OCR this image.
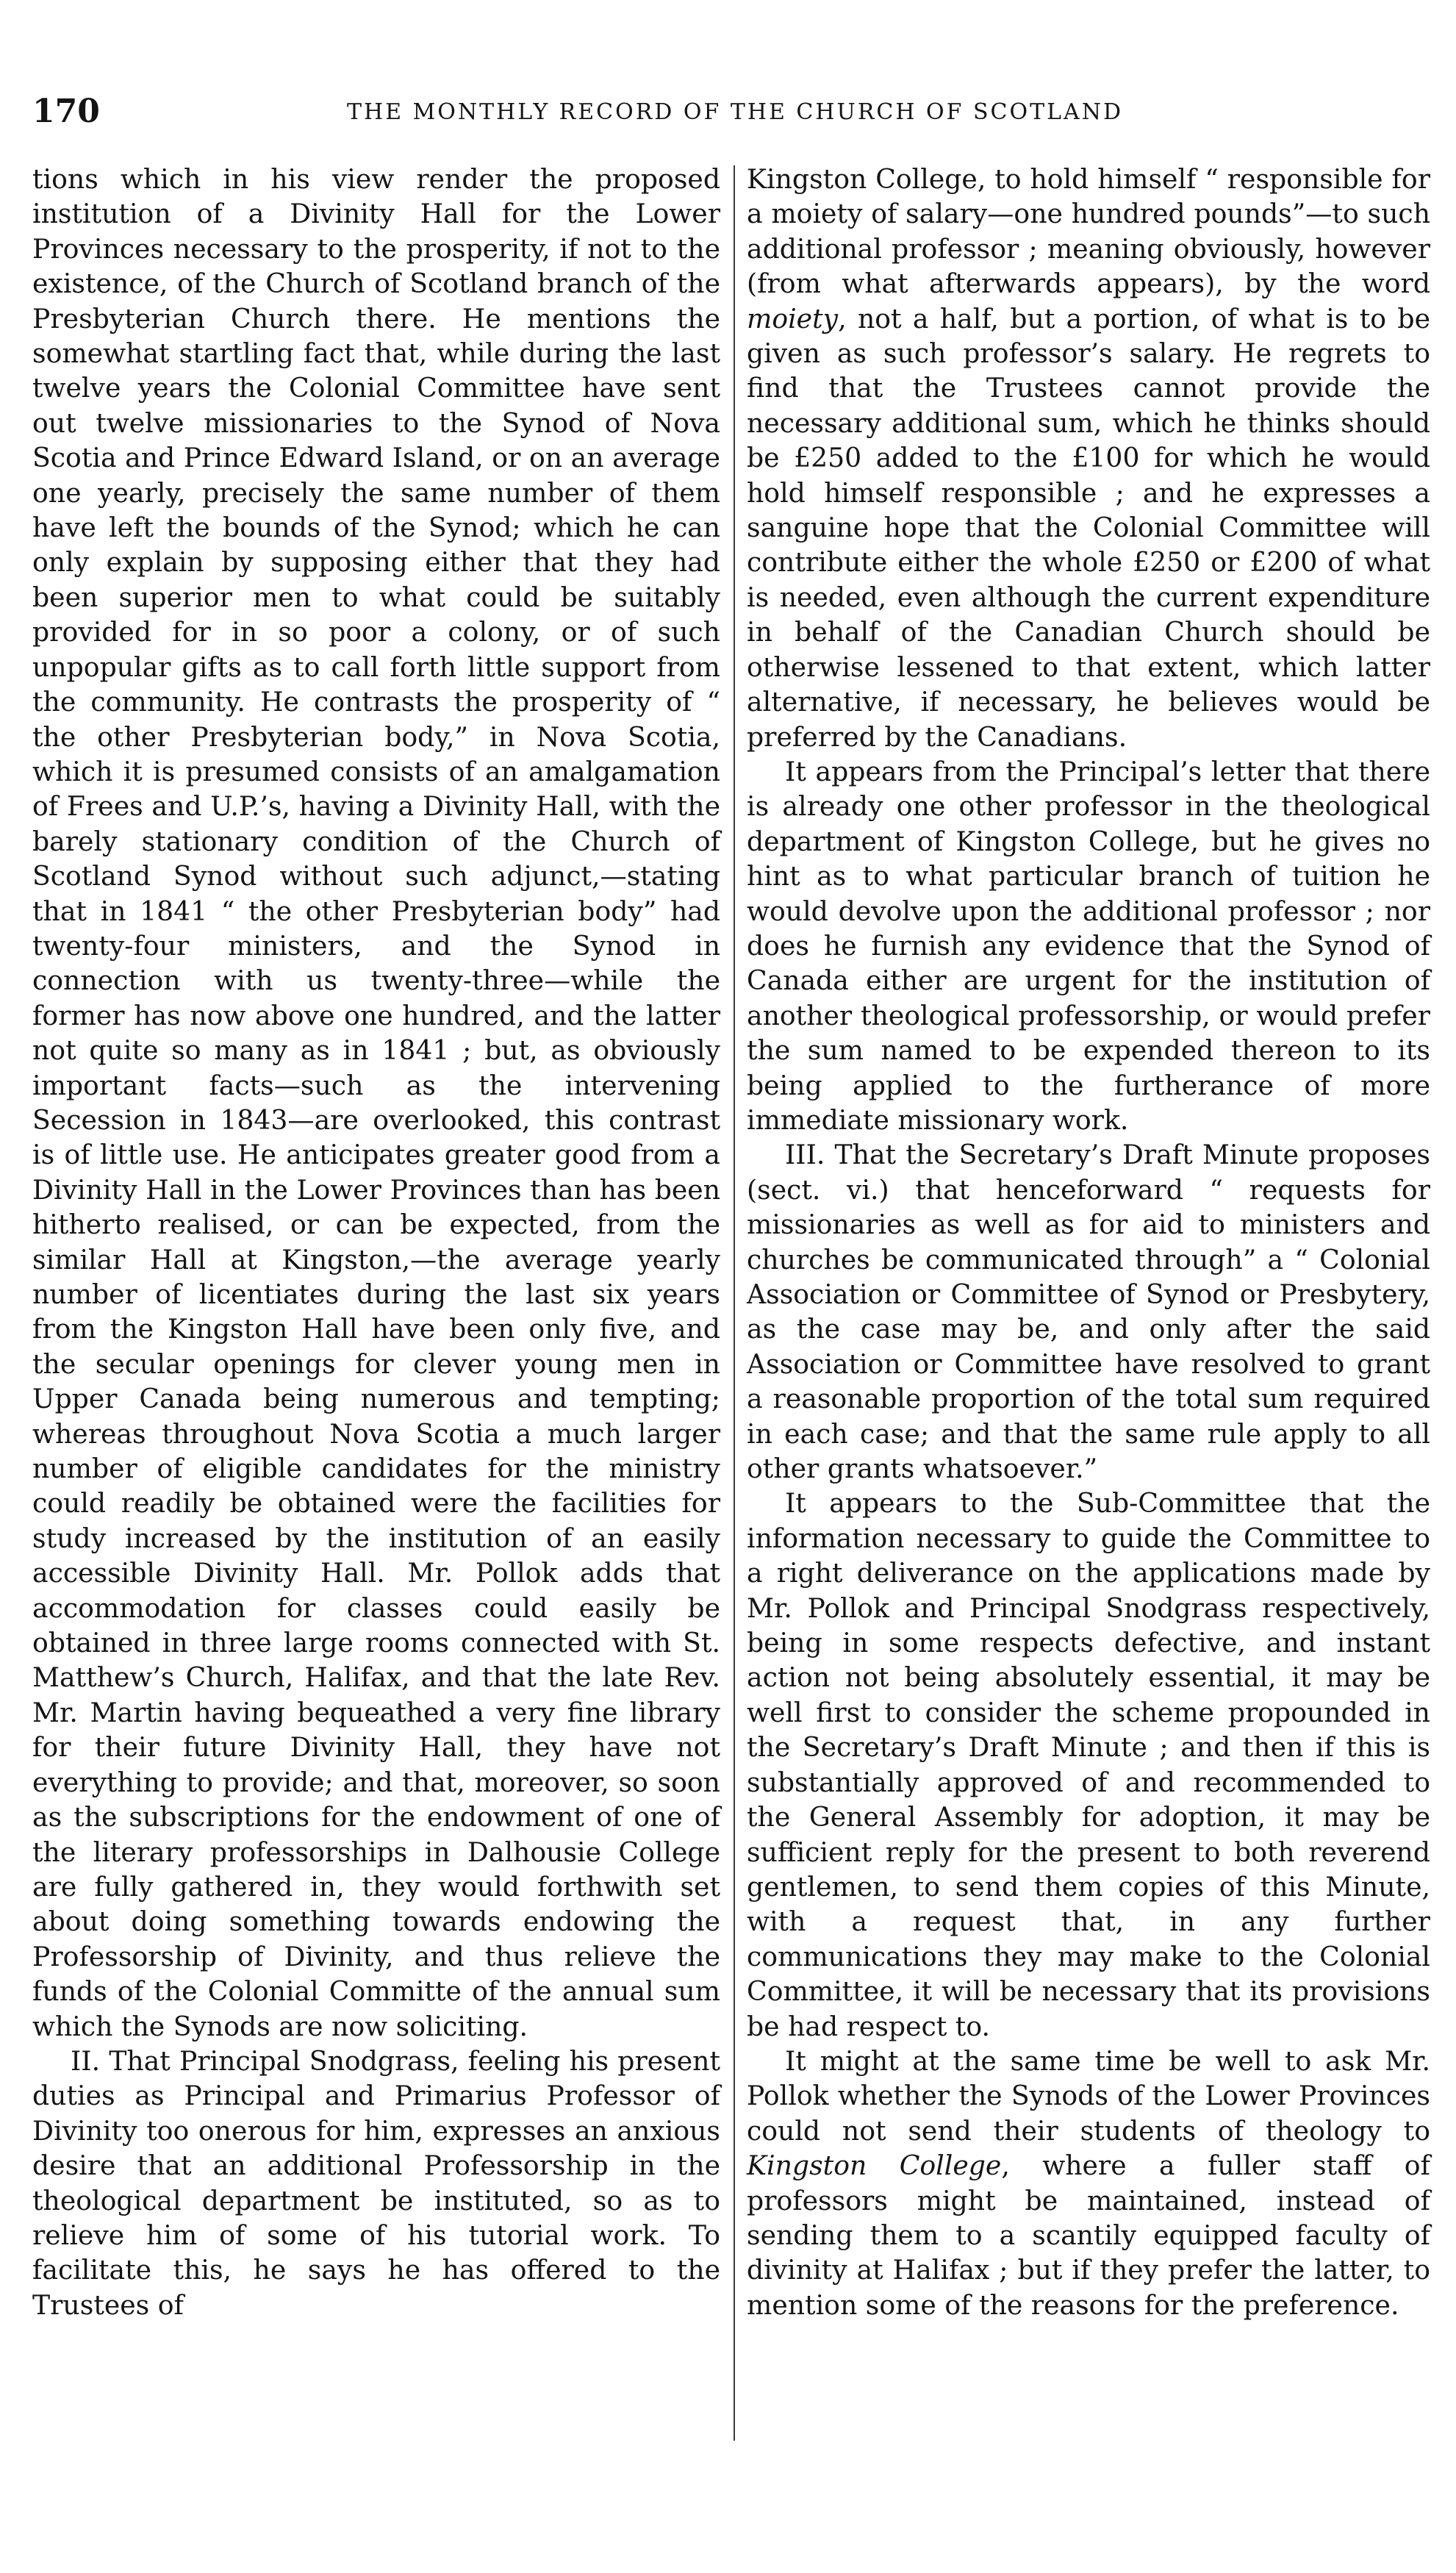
170	THE MONTHLY RECORD OF THE CHURCH OF SCOTLAND

tions which in his view render the proposed institution of a Divinity Hall for the Lower Provinces necessary to the prosperity, if not to the existence, of the Church of Scotland branch of the Presbyterian Church there. He mentions the somewhat startling fact that, while during the last twelve years the Colonial Committee have sent out twelve missionaries to the Synod of Nova Scotia and Prince Edward Island, or on an average one yearly, precisely the same number of them have left the bounds of the Synod; which he can only explain by supposing either that they had been superior men to what could be suitably provided for in so poor a colony, or of such unpopular gifts as to call forth little support from the community. He contrasts the prosperity of “ the other Presbyterian body,” in Nova Scotia, which it is presumed consists of an amalgamation of Frees and U.P.’s, having a Divinity Hall, with the barely stationary condition of the Church of Scotland Synod without such adjunct,—stating that in 1841 “ the other Presbyterian body” had twenty-four ministers, and the Synod in connection with us twenty-three—while the former has now above one hundred, and the latter not quite so many as in 1841 ; but, as obviously important facts—such as the intervening Secession in 1843—are overlooked, this contrast is of little use. He anticipates greater good from a Divinity Hall in the Lower Provinces than has been hitherto realised, or can be expected, from the similar Hall at Kingston,—the average yearly number of licentiates during the last six years from the Kingston Hall have been only five, and the secular openings for clever young men in Upper Canada being numerous and tempting; whereas throughout Nova Scotia a much larger number of eligible candidates for the ministry could readily be obtained were the facilities for study increased by the institution of an easily accessible Divinity Hall. Mr. Pollok adds that accommodation for classes could easily be obtained in three large rooms connected with St. Matthew’s Church, Halifax, and that the late Rev. Mr. Martin having bequeathed a very fine library for their future Divinity Hall, they have not everything to provide; and that, moreover, so soon as the subscriptions for the endowment of one of the literary professorships in Dalhousie College are fully gathered in, they would forthwith set about doing something towards endowing the Professorship of Divinity, and thus relieve the funds of the Colonial Committe of the annual sum which the Synods are now soliciting.

II. That Principal Snodgrass, feeling his present duties as Principal and Primarius Professor of Divinity too onerous for him, expresses an anxious desire that an additional Professorship in the theological department be instituted, so as to relieve him of some of his tutorial work. To facilitate this, he says he has offered to the Trustees of

Kingston College, to hold himself “ responsible for a moiety of salary—one hundred pounds”—to such additional professor ; meaning obviously, however (from what afterwards appears), by the word moiety, not a half, but a portion, of what is to be given as such professor’s salary. He regrets to find that the Trustees cannot provide the necessary additional sum, which he thinks should be £250 added to the £100 for which he would hold himself responsible ; and he expresses a sanguine hope that the Colonial Committee will contribute either the whole £250 or £200 of what is needed, even although the current expenditure in behalf of the Canadian Church should be otherwise lessened to that extent, which latter alternative, if necessary, he believes would be preferred by the Canadians.

It appears from the Principal’s letter that there is already one other professor in the theological department of Kingston College, but he gives no hint as to what particular branch of tuition he would devolve upon the additional professor ; nor does he furnish any evidence that the Synod of Canada either are urgent for the institution of another theological professorship, or would prefer the sum named to be expended thereon to its being applied to the furtherance of more immediate missionary work.

III. That the Secretary’s Draft Minute proposes (sect. vi.) that henceforward “ requests for missionaries as well as for aid to ministers and churches be communicated through” a “ Colonial Association or Committee of Synod or Presbytery, as the case may be, and only after the said Association or Committee have resolved to grant a reasonable proportion of the total sum required in each case; and that the same rule apply to all other grants whatsoever.”

It appears to the Sub-Committee that the information necessary to guide the Committee to a right deliverance on the applications made by Mr. Pollok and Principal Snodgrass respectively, being in some respects defective, and instant action not being absolutely essential, it may be well first to consider the scheme propounded in the Secretary’s Draft Minute ; and then if this is substantially approved of and recommended to the General Assembly for adoption, it may be sufficient reply for the present to both reverend gentlemen, to send them copies of this Minute, with a request that, in any further communications they may make to the Colonial Committee, it will be necessary that its provisions be had respect to.

It might at the same time be well to ask Mr. Pollok whether the Synods of the Lower Provinces could not send their students of theology to Kingston College, where a fuller staff of professors might be maintained, instead of sending them to a scantily equipped faculty of divinity at Halifax ; but if they prefer the latter, to mention some of the reasons for the preference.
